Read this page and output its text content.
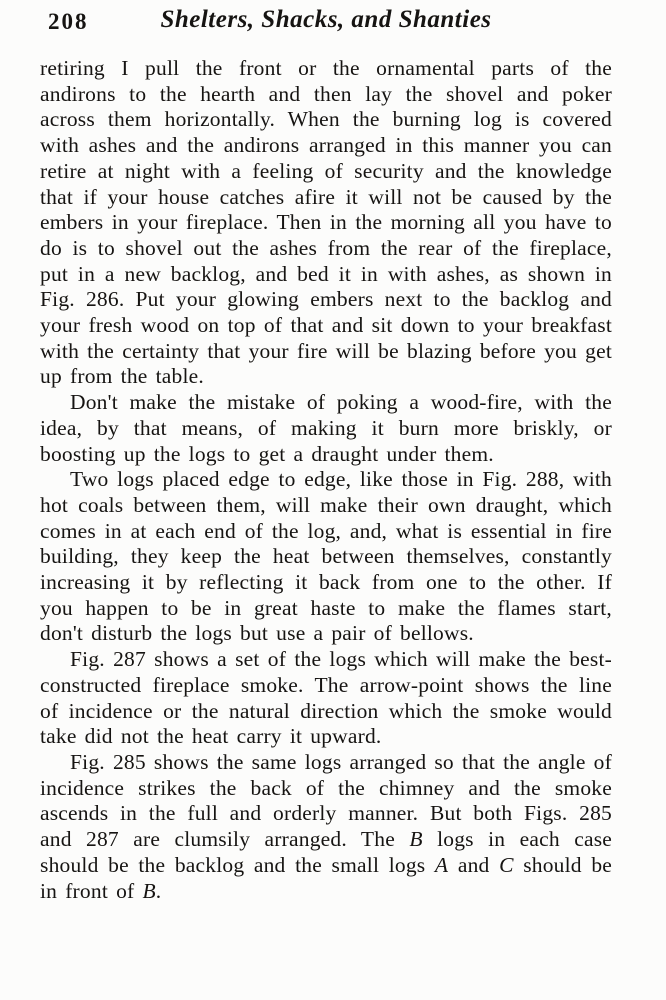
208	Shelters, Shacks, and Shanties

retiring I pull the front or the ornamental parts of the andirons to the hearth and then lay the shovel and poker across them horizontally. When the burning log is covered with ashes and the andirons arranged in this manner you can retire at night with a feeling of security and the knowledge that if your house catches afire it will not be caused by the embers in your fireplace. Then in the morning all you have to do is to shovel out the ashes from the rear of the fireplace, put in a new backlog, and bed it in with ashes, as shown in Fig. 286. Put your glowing embers next to the backlog and your fresh wood on top of that and sit down to your breakfast with the certainty that your fire will be blazing before you get up from the table.

Don't make the mistake of poking a wood-fire, with the idea, by that means, of making it burn more briskly, or boosting up the logs to get a draught under them.

Two logs placed edge to edge, like those in Fig. 288, with hot coals between them, will make their own draught, which comes in at each end of the log, and, what is essential in fire building, they keep the heat between themselves, constantly increasing it by reflecting it back from one to the other. If you happen to be in great haste to make the flames start, don't disturb the logs but use a pair of bellows.

Fig. 287 shows a set of the logs which will make the best-constructed fireplace smoke. The arrow-point shows the line of incidence or the natural direction which the smoke would take did not the heat carry it upward.

Fig. 285 shows the same logs arranged so that the angle of incidence strikes the back of the chimney and the smoke ascends in the full and orderly manner. But both Figs. 285 and 287 are clumsily arranged. The B logs in each case should be the backlog and the small logs A and C should be in front of B.
